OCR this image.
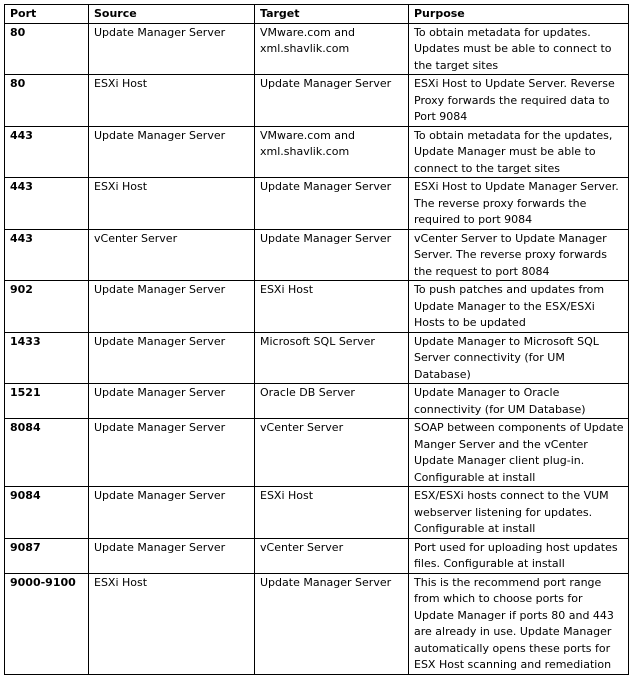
Port	Source	Target	Purpose
80	Update Manager Server	VMware.com and xml.shavlik.com	To obtain metadata for updates. Updates must be able to connect to the target sites
80	ESXi Host	Update Manager Server	ESXi Host to Update Server. Reverse Proxy forwards the required data to Port 9084
443	Update Manager Server	VMware.com and xml.shavlik.com	To obtain metadata for the updates, Update Manager must be able to connect to the target sites
443	ESXi Host	Update Manager Server	ESXi Host to Update Manager Server. The reverse proxy forwards the required to port 9084
443	vCenter Server	Update Manager Server	vCenter Server to Update Manager Server. The reverse proxy forwards the request to port 8084
902	Update Manager Server	ESXi Host	To push patches and updates from Update Manager to the ESX/ESXi Hosts to be updated
1433	Update Manager Server	Microsoft SQL Server	Update Manager to Microsoft SQL Server connectivity (for UM Database)
1521	Update Manager Server	Oracle DB Server	Update Manager to Oracle connectivity (for UM Database)
8084	Update Manager Server	vCenter Server	SOAP between components of Update Manger Server and the vCenter Update Manager client plug-in. Configurable at install
9084	Update Manager Server	ESXi Host	ESX/ESXi hosts connect to the VUM webserver listening for updates. Configurable at install
9087	Update Manager Server	vCenter Server	Port used for uploading host updates files. Configurable at install
9000-9100	ESXi Host	Update Manager Server	This is the recommend port range from which to choose ports for Update Manager if ports 80 and 443 are already in use. Update Manager automatically opens these ports for ESX Host scanning and remediation
